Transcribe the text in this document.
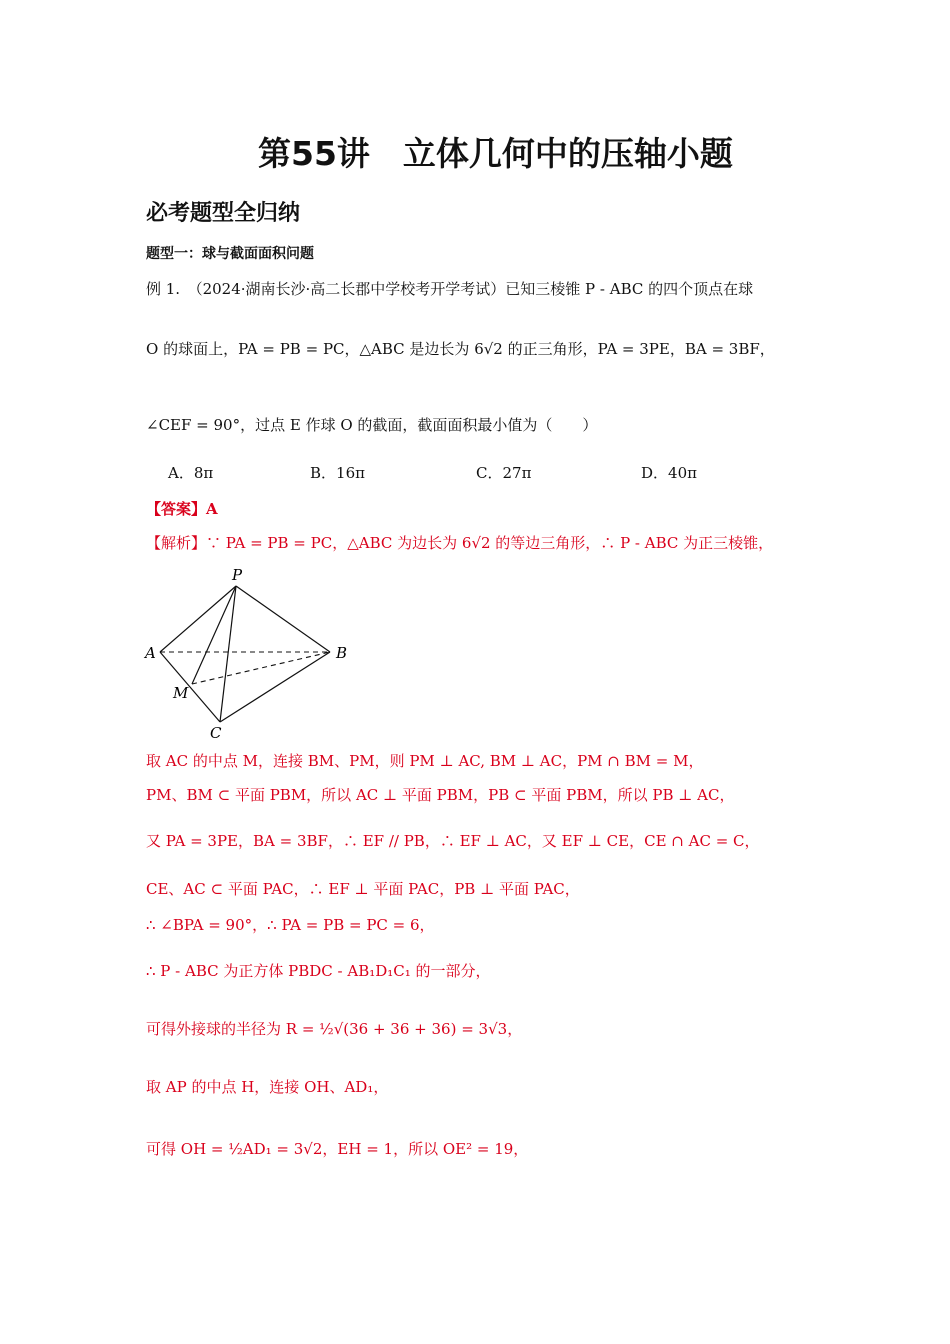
第55讲　立体几何中的压轴小题
必考题型全归纳
题型一：球与截面面积问题
例 1.　（2024·湖南长沙·高二长郡中学校考开学考试）已知三棱锥 P - ABC 的四个顶点在球
O 的球面上，PA = PB = PC，△ABC 是边长为 6√2 的正三角形，PA = 3PE，BA = 3BF，
∠CEF = 90°，过点 E 作球 O 的截面，截面面积最小值为（　　）
A．8π	B．16π	C．27π	D．40π
【答案】A
【解析】∵ PA = PB = PC，△ABC 为边长为 6√2 的等边三角形，∴ P - ABC 为正三棱锥，
P
A	B
M
C
取 AC 的中点 M，连接 BM、PM，则 PM ⊥ AC, BM ⊥ AC，PM ∩ BM = M，
PM、BM ⊂ 平面 PBM，所以 AC ⊥ 平面 PBM，PB ⊂ 平面 PBM，所以 PB ⊥ AC，
又 PA = 3PE，BA = 3BF，∴ EF // PB，∴ EF ⊥ AC，又 EF ⊥ CE，CE ∩ AC = C，
CE、AC ⊂ 平面 PAC，∴ EF ⊥ 平面 PAC，PB ⊥ 平面 PAC，
∴ ∠BPA = 90°，∴ PA = PB = PC = 6，
∴ P - ABC 为正方体 PBDC - AB₁D₁C₁ 的一部分，
可得外接球的半径为 R = ½√(36 + 36 + 36) = 3√3，
取 AP 的中点 H，连接 OH、AD₁，
可得 OH = ½AD₁ = 3√2，EH = 1，所以 OE² = 19，
